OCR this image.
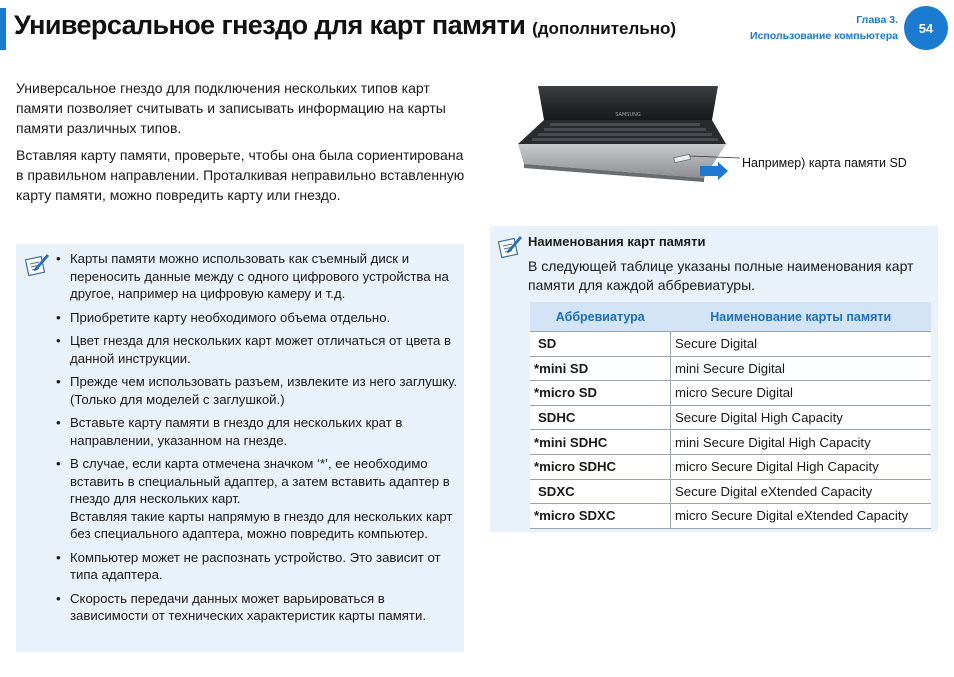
Универсальное гнездо для карт памяти (дополнительно)	Глава 3.
Использование компьютера
54

Универсальное гнездо для подключения нескольких типов карт памяти позволяет считывать и записывать информацию на карты памяти различных типов.

Вставляя карту памяти, проверьте, чтобы она была сориентирована в правильном направлении. Проталкивая неправильно вставленную карту памяти, можно повредить карту или гнездо.

• Карты памяти можно использовать как съемный диск и переносить данные между с одного цифрового устройства на другое, например на цифровую камеру и т.д.
• Приобретите карту необходимого объема отдельно.
• Цвет гнезда для нескольких карт может отличаться от цвета в данной инструкции.
• Прежде чем использовать разъем, извлеките из него заглушку. (Только для моделей с заглушкой.)
• Вставьте карту памяти в гнездо для нескольких крат в направлении, указанном на гнезде.
• В случае, если карта отмечена значком ‘*’, ее необходимо вставить в специальный адаптер, а затем вставить адаптер в гнездо для нескольких карт.
Вставляя такие карты напрямую в гнездо для нескольких карт без специального адаптера, можно повредить компьютер.
• Компьютер может не распознать устройство. Это зависит от типа адаптера.
• Скорость передачи данных может варьироваться в зависимости от технических характеристик карты памяти.
SAMSUNG
Например) карта памяти SD
Наименования карт памяти
В следующей таблице указаны полные наименования карт памяти для каждой аббревиатуры.
Аббревиатура	Наименование карты памяти
SD	Secure Digital
*mini SD	mini Secure Digital
*micro SD	micro Secure Digital
SDHC	Secure Digital High Capacity
*mini SDHC	mini Secure Digital High Capacity
*micro SDHC	micro Secure Digital High Capacity
SDXC	Secure Digital eXtended Capacity
*micro SDXC	micro Secure Digital eXtended Capacity
